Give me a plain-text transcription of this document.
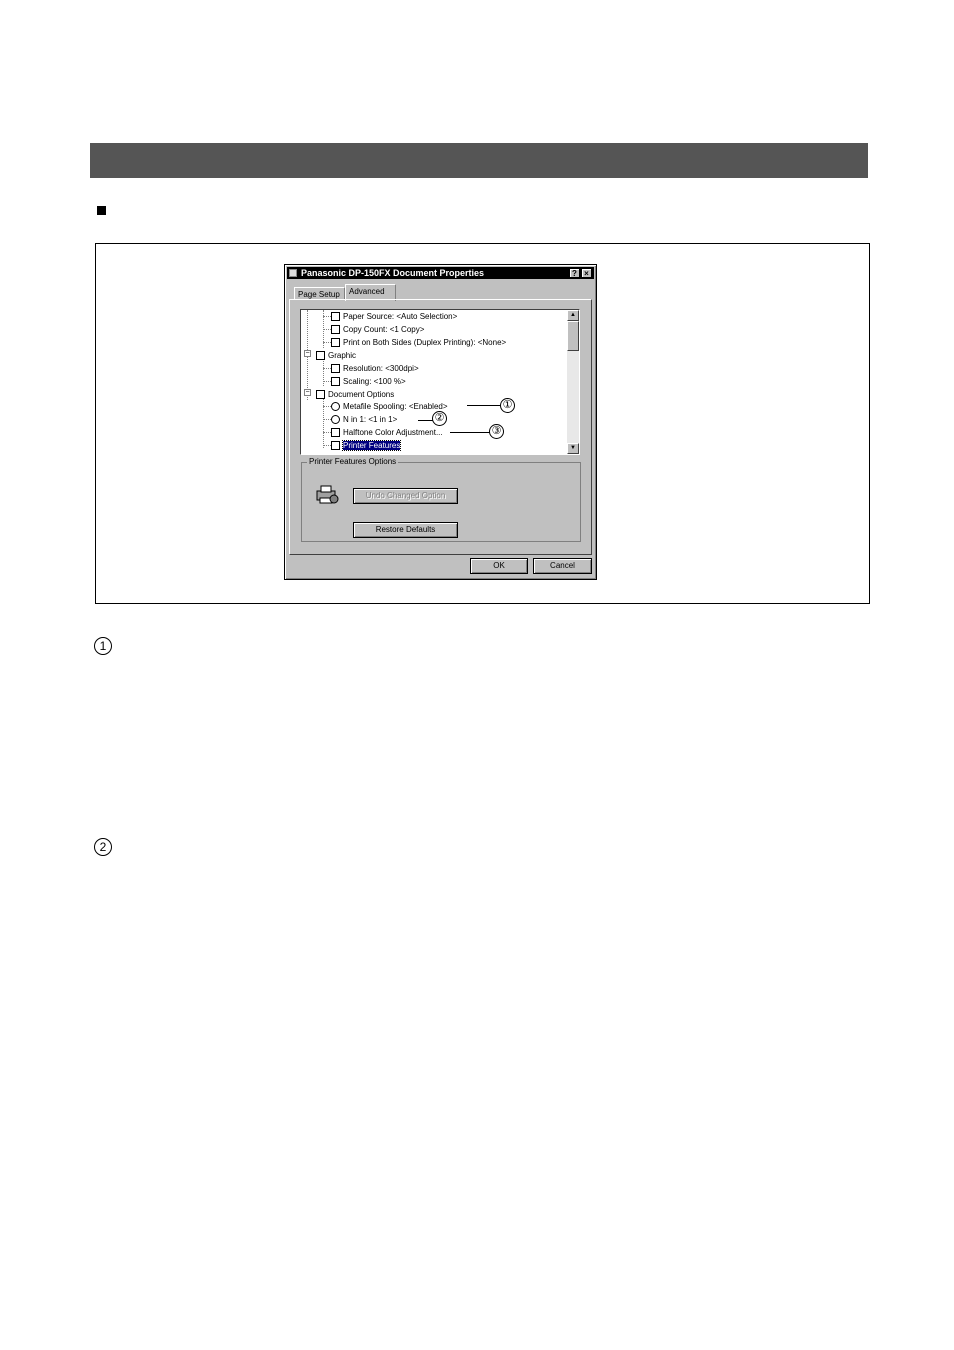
Panasonic DP-150FX Document Properties	? ×
Page Setup	Advanced
Paper Source: <Auto Selection>
Copy Count: <1 Copy>
Print on Both Sides (Duplex Printing): <None>
−	Graphic
Resolution: <300dpi>
Scaling: <100 %>
−	Document Options
Metafile Spooling: <Enabled>
N in 1: <1 in 1>
Halftone Color Adjustment...
Printer Features
▲
▼
Printer Features Options
Undo Changed Option
Restore Defaults
OK	Cancel
①
②
③
1
2
